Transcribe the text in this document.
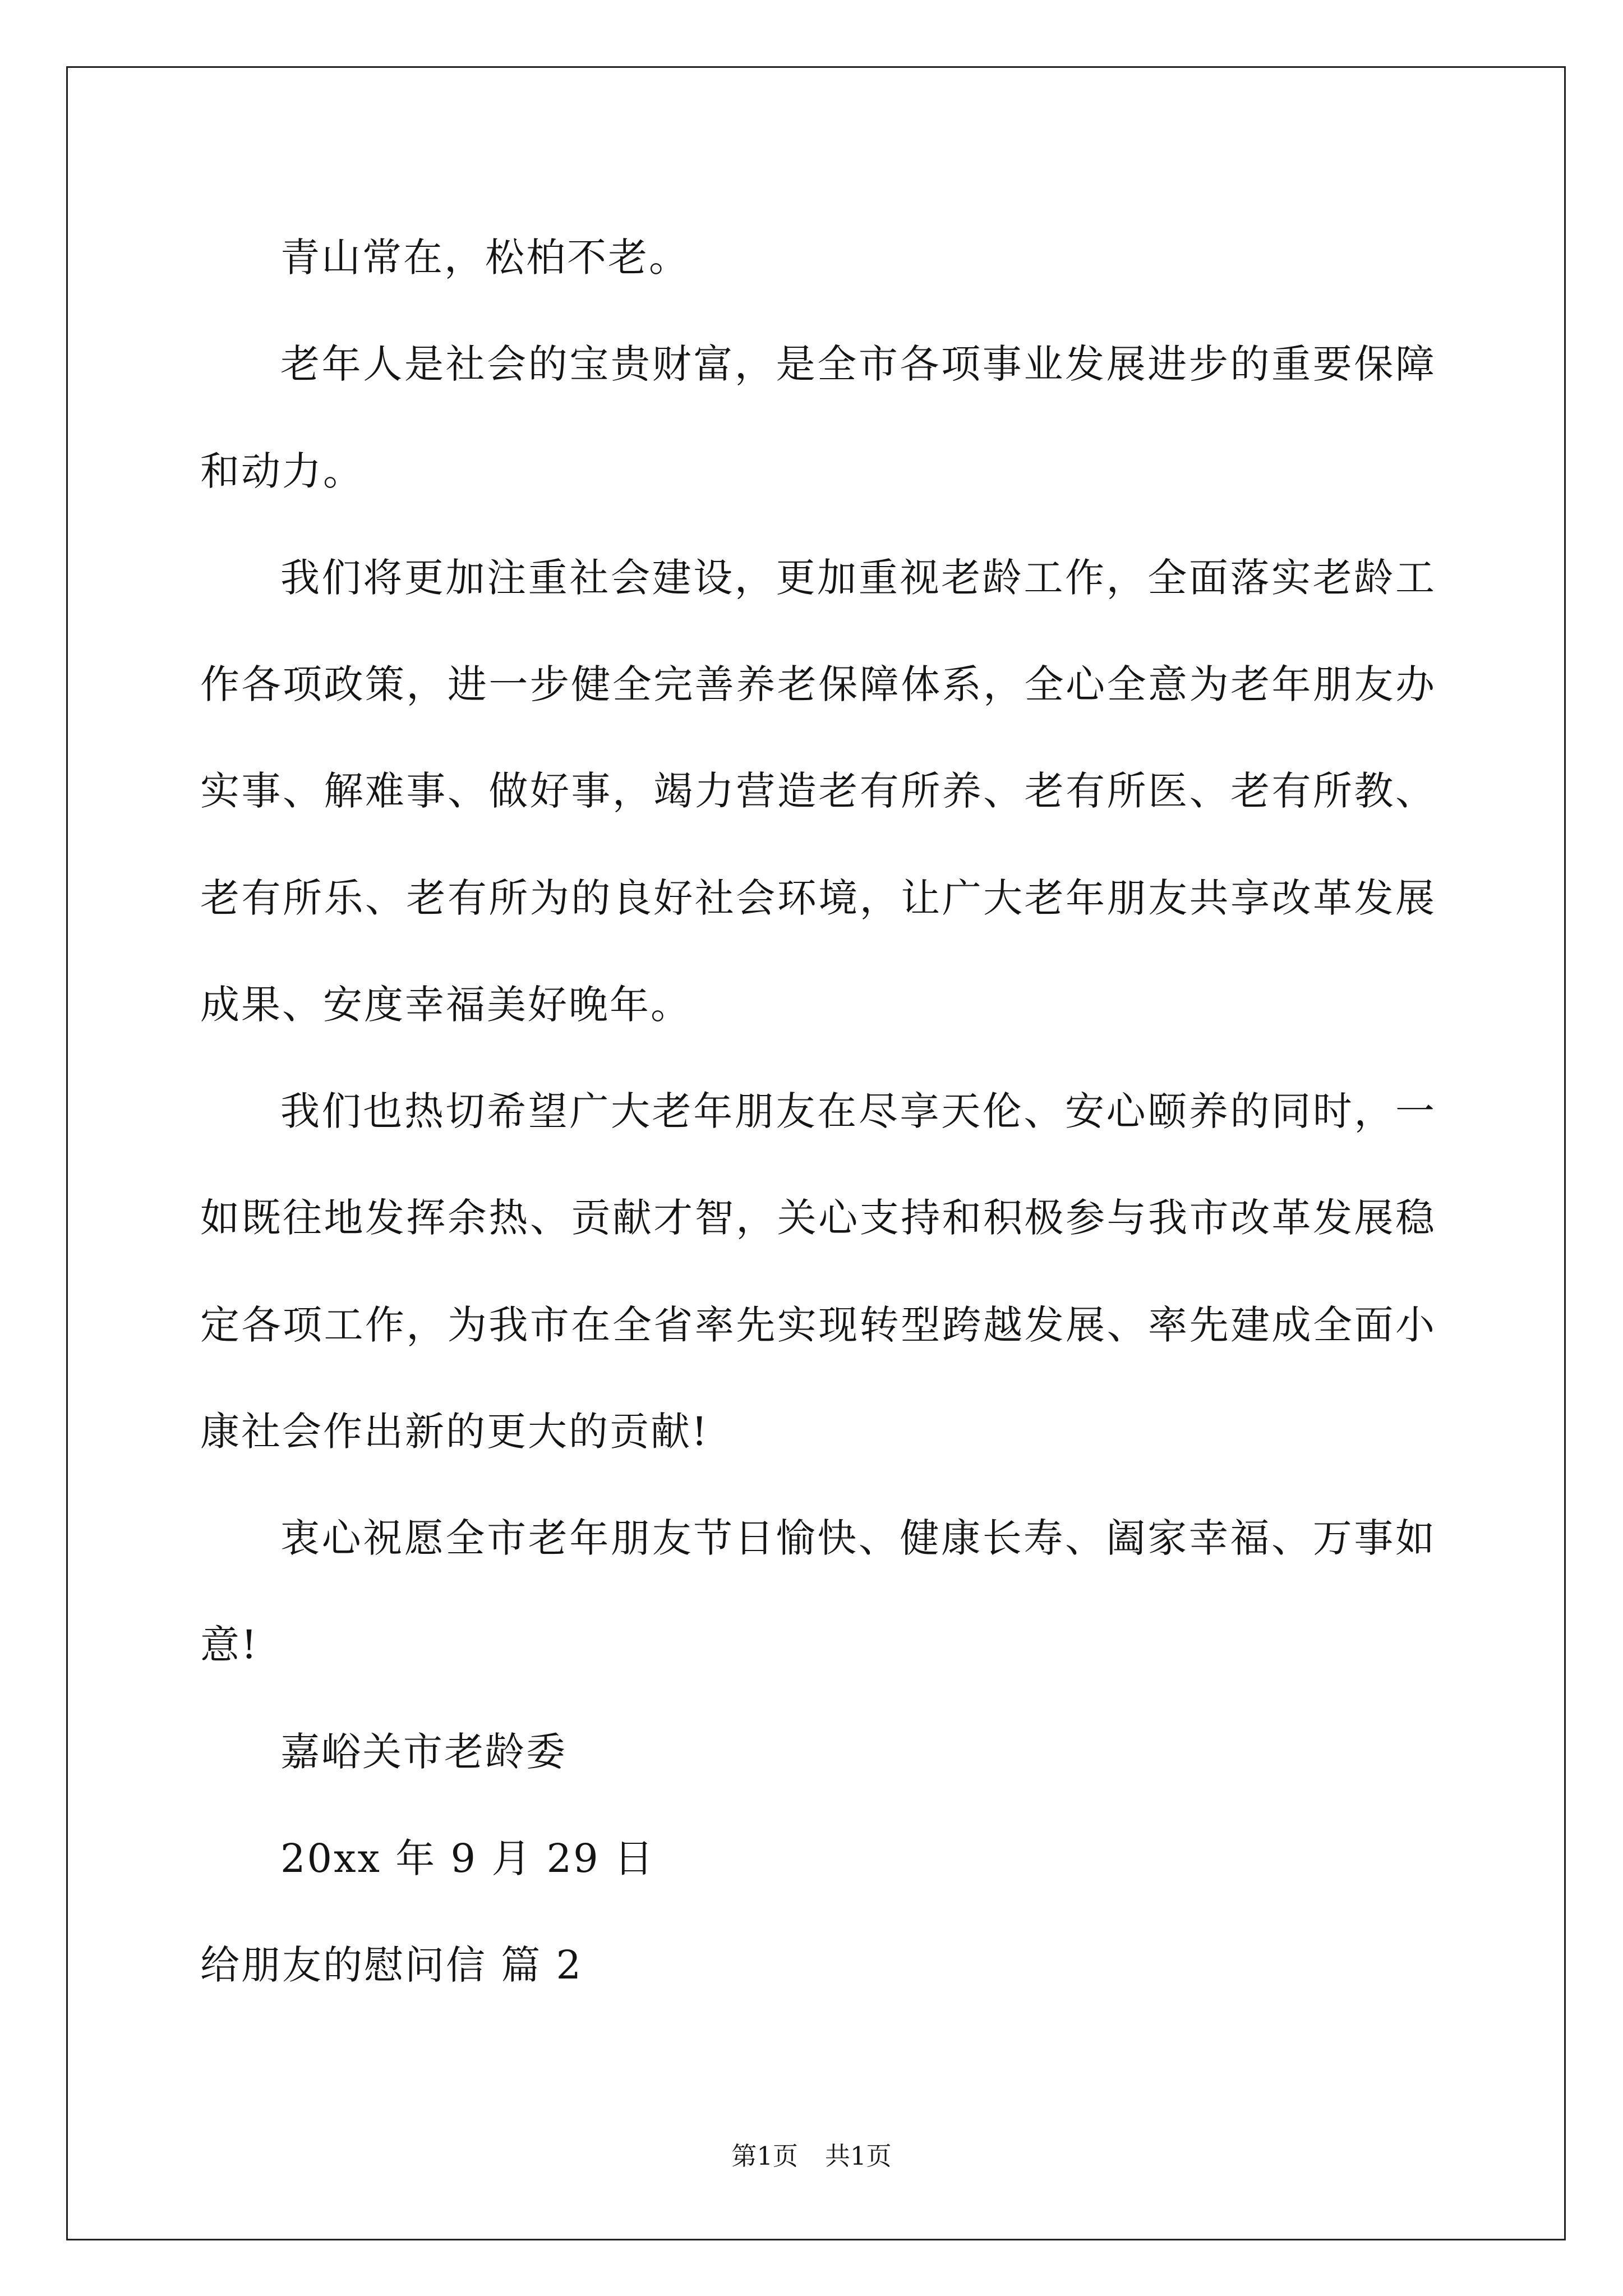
青山常在，松柏不老。
老年人是社会的宝贵财富，是全市各项事业发展进步的重要保障
和动力。
我们将更加注重社会建设，更加重视老龄工作，全面落实老龄工
作各项政策，进一步健全完善养老保障体系，全心全意为老年朋友办
实事、解难事、做好事，竭力营造老有所养、老有所医、老有所教、
老有所乐、老有所为的良好社会环境，让广大老年朋友共享改革发展
成果、安度幸福美好晚年。
我们也热切希望广大老年朋友在尽享天伦、安心颐养的同时，一
如既往地发挥余热、贡献才智，关心支持和积极参与我市改革发展稳
定各项工作，为我市在全省率先实现转型跨越发展、率先建成全面小
康社会作出新的更大的贡献!
衷心祝愿全市老年朋友节日愉快、健康长寿、阖家幸福、万事如
意!
嘉峪关市老龄委
20xx 年 9 月 29 日
给朋友的慰问信 篇 2
第1页 共1页
